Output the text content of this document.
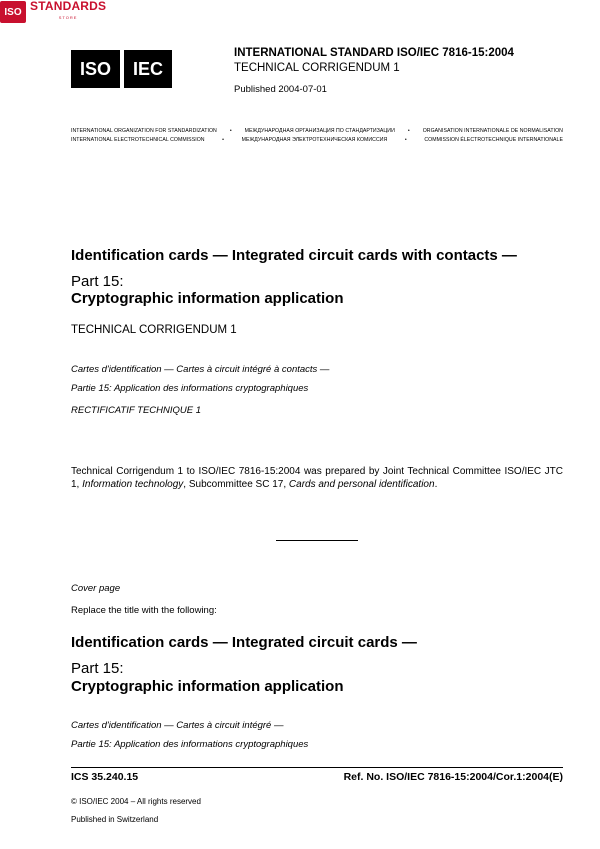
ISO IEC
INTERNATIONAL STANDARD ISO/IEC 7816-15:2004
TECHNICAL CORRIGENDUM 1
Published 2004-07-01
INTERNATIONAL ORGANIZATION FOR STANDARDIZATION • МЕЖДУНАРОДНАЯ ОРГАНИЗАЦИЯ ПО СТАНДАРТИЗАЦИИ • ORGANISATION INTERNATIONALE DE NORMALISATION
INTERNATIONAL ELECTROTECHNICAL COMMISSION	•	МЕЖДУНАРОДНАЯ ЭЛЕКТРОТЕХНИЧЕСКАЯ КОМИССИЯ	•	COMMISSION ÉLECTROTECHNIQUE INTERNATIONALE
Identification cards — Integrated circuit cards with contacts —
Part 15:
Cryptographic information application
TECHNICAL CORRIGENDUM 1
Cartes d'identification — Cartes à circuit intégré à contacts —
Partie 15: Application des informations cryptographiques
RECTIFICATIF TECHNIQUE 1
Technical Corrigendum 1 to ISO/IEC 7816-15:2004 was prepared by Joint Technical Committee ISO/IEC JTC 1, Information technology, Subcommittee SC 17, Cards and personal identification.
Cover page
Replace the title with the following:
Identification cards — Integrated circuit cards —
Part 15:
Cryptographic information application
Cartes d'identification — Cartes à circuit intégré —
Partie 15: Application des informations cryptographiques
ICS 35.240.15	Ref. No. ISO/IEC 7816-15:2004/Cor.1:2004(E)
© ISO/IEC 2004 – All rights reserved
Published in Switzerland
ISO STANDARDS
STORE
